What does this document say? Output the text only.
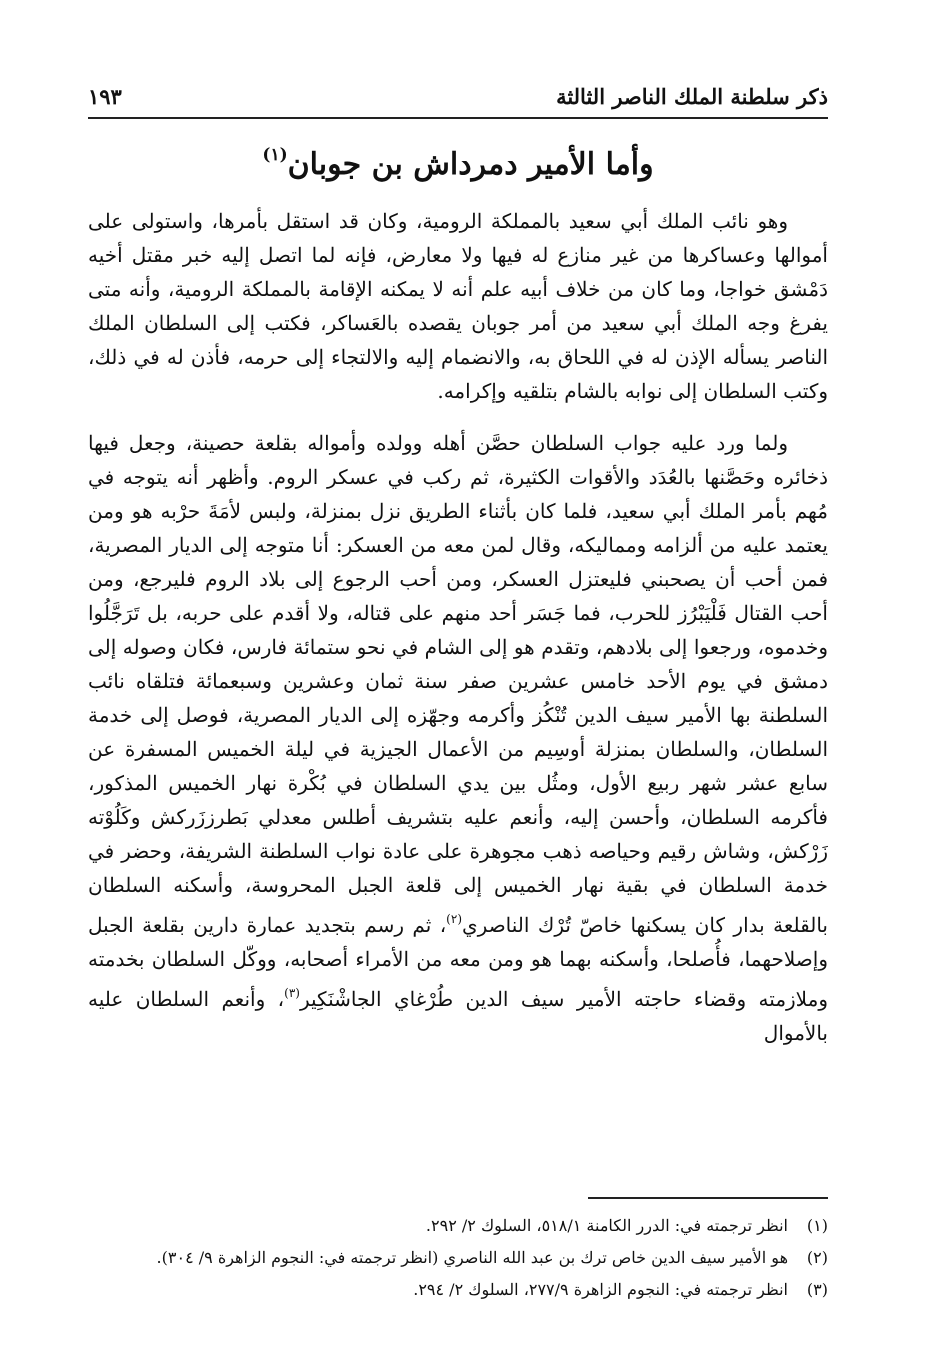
ذكر سلطنة الملك الناصر الثالثة
١٩٣
وأما الأمير دمرداش بن جوبان$^{(١)}$

وهو نائب الملك أبي سعيد بالمملكة الرومية، وكان قد استقل بأمرها، واستولى على أموالها وعساكرها من غير منازع له فيها ولا معارض، فإنه لما اتصل إليه خبر مقتل أخيه دَمْشق خواجا، وما كان من خلاف أبيه علم أنه لا يمكنه الإقامة بالمملكة الرومية، وأنه متى يفرغ وجه الملك أبي سعيد من أمر جوبان يقصده بالعَساكر، فكتب إلى السلطان الملك الناصر يسأله الإذن له في اللحاق به، والانضمام إليه والالتجاء إلى حرمه، فأذن له في ذلك، وكتب السلطان إلى نوابه بالشام بتلقيه وإكرامه.

ولما ورد عليه جواب السلطان حصَّن أهله وولده وأمواله بقلعة حصينة، وجعل فيها ذخائره وحَصَّنها بالعُدَد والأقوات الكثيرة، ثم ركب في عسكر الروم. وأظهر أنه يتوجه في مُهم بأمر الملك أبي سعيد، فلما كان بأثناء الطريق نزل بمنزلة، ولبس لأمَةَ حرْبه هو ومن يعتمد عليه من ألزامه ومماليكه، وقال لمن معه من العسكر: أنا متوجه إلى الديار المصرية، فمن أحب أن يصحبني فليعتزل العسكر، ومن أحب الرجوع إلى بلاد الروم فليرجع، ومن أحب القتال فَلْيَبْرُز للحرب، فما جَسَر أحد منهم على قتاله، ولا أقدم على حربه، بل تَرَجَّلُوا وخدموه، ورجعوا إلى بلادهم، وتقدم هو إلى الشام في نحو ستمائة فارس، فكان وصوله إلى دمشق في يوم الأحد خامس عشرين صفر سنة ثمان وعشرين وسبعمائة فتلقاه نائب السلطنة بها الأمير سيف الدين تُنْكُز وأكرمه وجهّزه إلى الديار المصرية، فوصل إلى خدمة السلطان، والسلطان بمنزلة أوسِيم من الأعمال الجيزية في ليلة الخميس المسفرة عن سابع عشر شهر ربيع الأول، ومثُل بين يدي السلطان في بُكْرة نهار الخميس المذكور، فأكرمه السلطان، وأحسن إليه، وأنعم عليه بتشريف أطلس معدلي بَطرززَركش وكَلُوْته زَرْكش، وشاش رقيم وحياصه ذهب مجوهرة على عادة نواب السلطنة الشريفة، وحضر في خدمة السلطان في بقية نهار الخميس إلى قلعة الجبل المحروسة، وأسكنه السلطان بالقلعة بدار كان يسكنها خاصّ تُرْك الناصري$^{(٢)}$، ثم رسم بتجديد عمارة دارين بقلعة الجبل وإصلاحهما، فأُصلحا، وأسكنه بهما هو ومن معه من الأمراء أصحابه، ووكّل السلطان بخدمته وملازمته وقضاء حاجته الأمير سيف الدين طُرْغاي الجاشْنَكِير$^{(٣)}$، وأنعم السلطان عليه بالأموال

(١)
انظر ترجمته في: الدرر الكامنة ٥١٨/١، السلوك ٢/ ٢٩٢.
(٢)
هو الأمير سيف الدين خاص ترك بن عبد الله الناصري (انظر ترجمته في: النجوم الزاهرة ٩/ ٣٠٤).
(٣)
انظر ترجمته في: النجوم الزاهرة ٢٧٧/٩، السلوك ٢/ ٢٩٤.
